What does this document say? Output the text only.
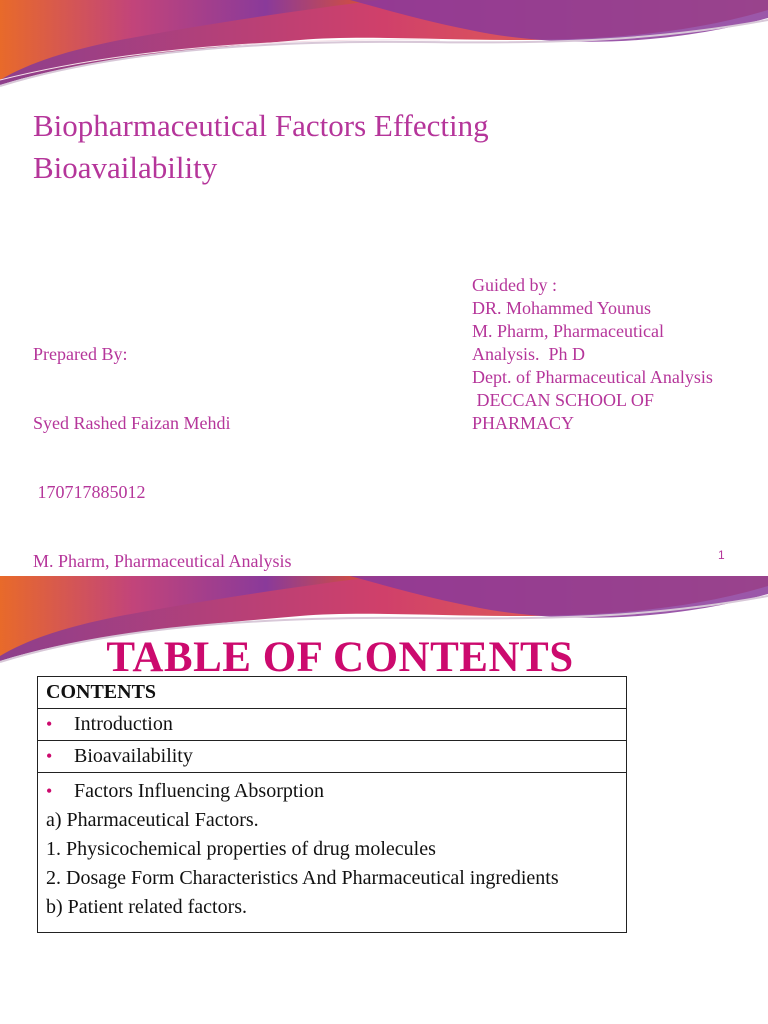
Biopharmaceutical Factors Effecting
Bioavailability

Prepared By:

Syed Rashed Faizan Mehdi

170717885012

M. Pharm, Pharmaceutical Analysis

Guided by :
DR. Mohammed Younus
M. Pharm, Pharmaceutical
Analysis.  Ph D
Dept. of Pharmaceutical Analysis
DECCAN SCHOOL OF
PHARMACY
1
TABLE OF CONTENTS
CONTENTS

•	Introduction

•	Bioavailability

•	Factors Influencing Absorption
a) Pharmaceutical Factors.
1. Physicochemical properties of drug molecules
2. Dosage Form Characteristics And Pharmaceutical ingredients
b) Patient related factors.
